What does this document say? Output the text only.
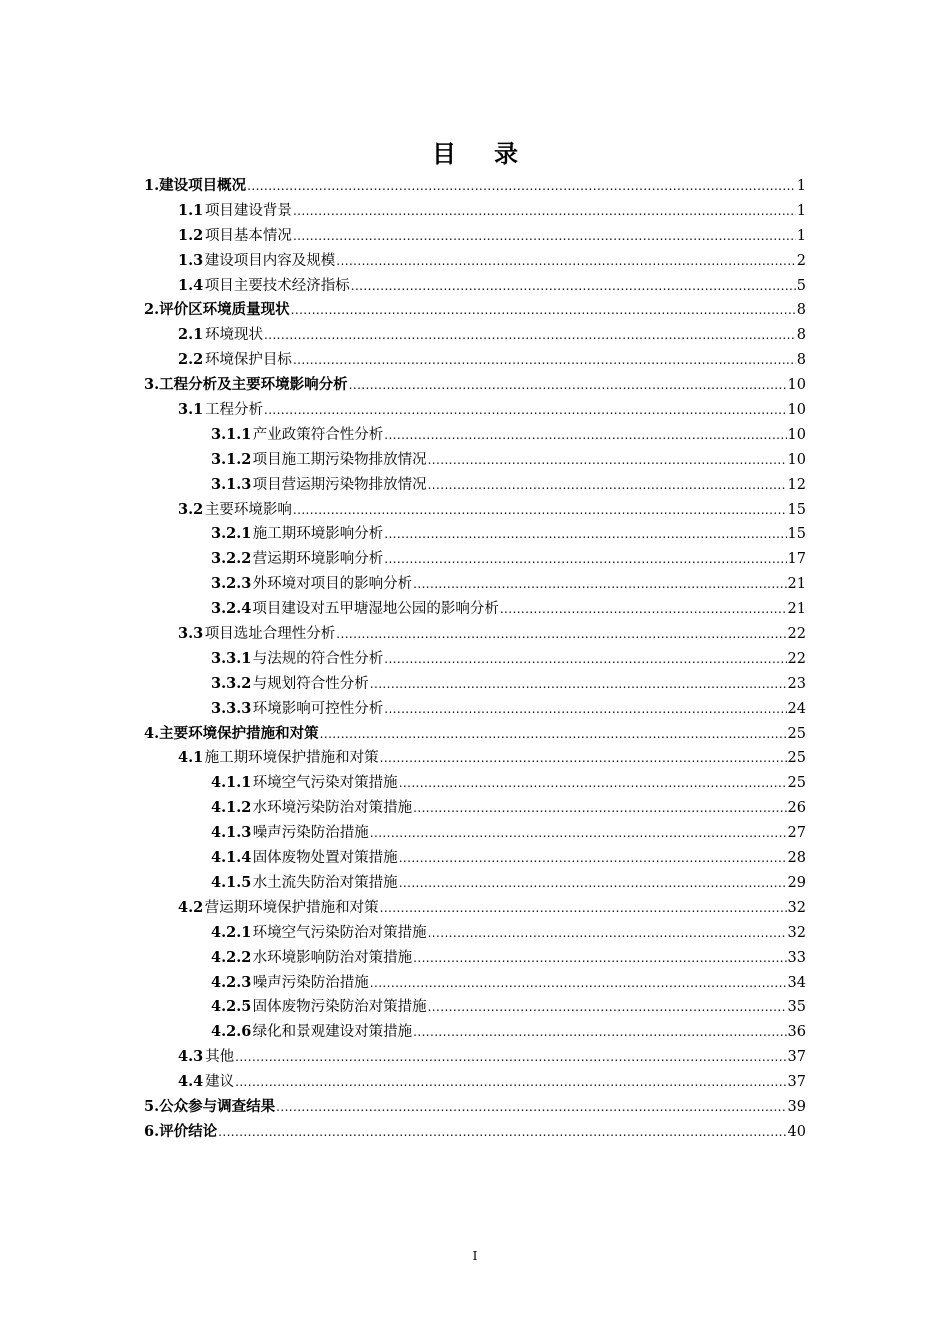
目 录
1. 建设项目概况 .....	1
1.1 项目建设背景 .....	1
1.2 项目基本情况 .....	1
1.3 建设项目内容及规模 .....	2
1.4 项目主要技术经济指标 .....	5
2. 评价区环境质量现状 .....	8
2.1 环境现状 .....	8
2.2 环境保护目标 .....	8
3. 工程分析及主要环境影响分析 .....	10
3.1 工程分析 .....	10
3.1.1 产业政策符合性分析 .....	10
3.1.2 项目施工期污染物排放情况 .....	10
3.1.3 项目营运期污染物排放情况 .....	12
3.2 主要环境影响 .....	15
3.2.1 施工期环境影响分析 .....	15
3.2.2 营运期环境影响分析 .....	17
3.2.3 外环境对项目的影响分析 .....	21
3.2.4 项目建设对五甲塘湿地公园的影响分析 .....	21
3.3 项目选址合理性分析 .....	22
3.3.1 与法规的符合性分析 .....	22
3.3.2 与规划符合性分析 .....	23
3.3.3 环境影响可控性分析 .....	24
4. 主要环境保护措施和对策 .....	25
4.1 施工期环境保护措施和对策 .....	25
4.1.1 环境空气污染对策措施 .....	25
4.1.2 水环境污染防治对策措施 .....	26
4.1.3 噪声污染防治措施 .....	27
4.1.4 固体废物处置对策措施 .....	28
4.1.5 水土流失防治对策措施 .....	29
4.2 营运期环境保护措施和对策 .....	32
4.2.1 环境空气污染防治对策措施 .....	32
4.2.2 水环境影响防治对策措施 .....	33
4.2.3 噪声污染防治措施 .....	34
4.2.5 固体废物污染防治对策措施 .....	35
4.2.6 绿化和景观建设对策措施 .....	36
4.3 其他 .....	37
4.4 建议 .....	37
5. 公众参与调查结果 .....	39
6. 评价结论 .....	40
I
